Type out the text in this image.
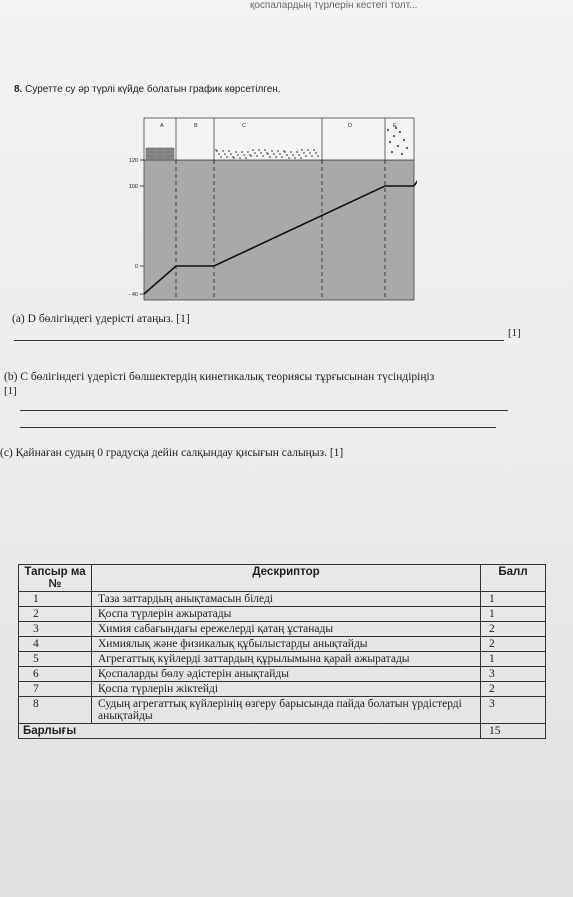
қоспалардың түрлерін кестегі толт...
8. Суретте су әр түрлі күйде болатын график көрсетілген.
120
100
0
- 40
A	B	C	D	E
(a) D бөлігіндегі үдерісті атаңыз. [1]
[1]
(b) С бөлігіндегі үдерісті бөлшектердің кинетикалық теориясы тұрғысынан түсіндіріңіз
[1]
(c) Қайнаған судың 0 градусқа дейін салқындау қисығын салыңыз. [1]
Тапсыр ма №	Дескриптор	Балл
1	Таза заттардың анықтамасын біледі	1
2	Қоспа түрлерін ажыратады	1
3	Химия сабағындағы ережелерді қатаң ұстанады	2
4	Химиялық және физикалық құбылыстарды анықтайды	2
5	Агрегаттық күйлерді заттардың құрылымына қарай ажыратады	1
6	Қоспаларды бөлу әдістерін анықтайды	3
7	Қоспа түрлерін жіктейді	2
8	Судың агрегаттық күйлерінің өзгеру барысында пайда болатын үрдістерді анықтайды	3
Барлығы		15
